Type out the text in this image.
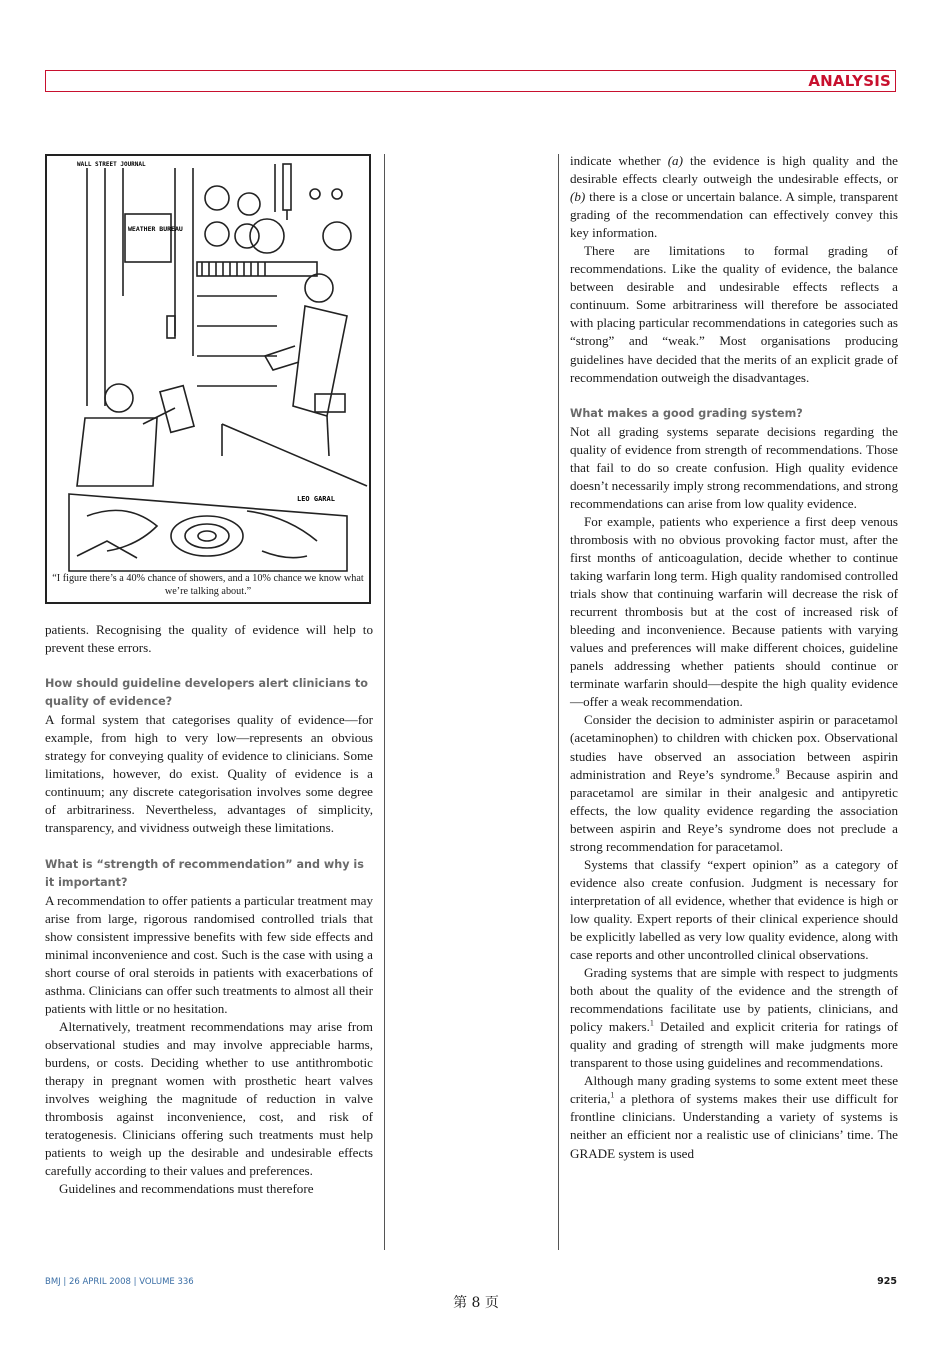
ANALYSIS
WALL STREET JOURNAL
WEATHER BUREAU
LEO GARAL
“I figure there’s a 40% chance of showers, and a 10% chance we know what we’re talking about.”

patients. Recognising the quality of evidence will help to prevent these errors.

How should guideline developers alert clinicians to quality of evidence?

A formal system that categorises quality of evidence—for example, from high to very low—represents an obvious strategy for conveying quality of evidence to clinicians. Some limitations, however, do exist. Quality of evidence is a continuum; any discrete categorisation involves some degree of arbitrariness. Nevertheless, advantages of simplicity, transparency, and vividness outweigh these limitations.

What is “strength of recommendation” and why is it important?

A recommendation to offer patients a particular treatment may arise from large, rigorous randomised controlled trials that show consistent impressive benefits with few side effects and minimal inconvenience and cost. Such is the case with using a short course of oral steroids in patients with exacerbations of asthma. Clinicians can offer such treatments to almost all their patients with little or no hesitation.

Alternatively, treatment recommendations may arise from observational studies and may involve appreciable harms, burdens, or costs. Deciding whether to use antithrombotic therapy in pregnant women with prosthetic heart valves involves weighing the magnitude of reduction in valve thrombosis against inconvenience, cost, and risk of teratogenesis. Clinicians offering such treatments must help patients to weigh up the desirable and undesirable effects carefully according to their values and preferences.

Guidelines and recommendations must therefore

indicate whether (a) the evidence is high quality and the desirable effects clearly outweigh the undesirable effects, or (b) there is a close or uncertain balance. A simple, transparent grading of the recommendation can effectively convey this key information.

There are limitations to formal grading of recommendations. Like the quality of evidence, the balance between desirable and undesirable effects reflects a continuum. Some arbitrariness will therefore be associated with placing particular recommendations in categories such as “strong” and “weak.” Most organisations producing guidelines have decided that the merits of an explicit grade of recommendation outweigh the disadvantages.

What makes a good grading system?

Not all grading systems separate decisions regarding the quality of evidence from strength of recommendations. Those that fail to do so create confusion. High quality evidence doesn’t necessarily imply strong recommendations, and strong recommendations can arise from low quality evidence.

For example, patients who experience a first deep venous thrombosis with no obvious provoking factor must, after the first months of anticoagulation, decide whether to continue taking warfarin long term. High quality randomised controlled trials show that continuing warfarin will decrease the risk of recurrent thrombosis but at the cost of increased risk of bleeding and inconvenience. Because patients with varying values and preferences will make different choices, guideline panels addressing whether patients should continue or terminate warfarin should—despite the high quality evidence—offer a weak recommendation.

Consider the decision to administer aspirin or paracetamol (acetaminophen) to children with chicken pox. Observational studies have observed an association between aspirin administration and Reye’s syndrome.$^9$ Because aspirin and paracetamol are similar in their analgesic and antipyretic effects, the low quality evidence regarding the association between aspirin and Reye’s syndrome does not preclude a strong recommendation for paracetamol.

Systems that classify “expert opinion” as a category of evidence also create confusion. Judgment is necessary for interpretation of all evidence, whether that evidence is high or low quality. Expert reports of their clinical experience should be explicitly labelled as very low quality evidence, along with case reports and other uncontrolled clinical observations.

Grading systems that are simple with respect to judgments both about the quality of the evidence and the strength of recommendations facilitate use by patients, clinicians, and policy makers.$^1$ Detailed and explicit criteria for ratings of quality and grading of strength will make judgments more transparent to those using guidelines and recommendations.

Although many grading systems to some extent meet these criteria,$^1$ a plethora of systems makes their use difficult for frontline clinicians. Understanding a variety of systems is neither an efficient nor a realistic use of clinicians’ time. The GRADE system is used

BMJ | 26 APRIL 2008 | VOLUME 336	925
第 8 页
